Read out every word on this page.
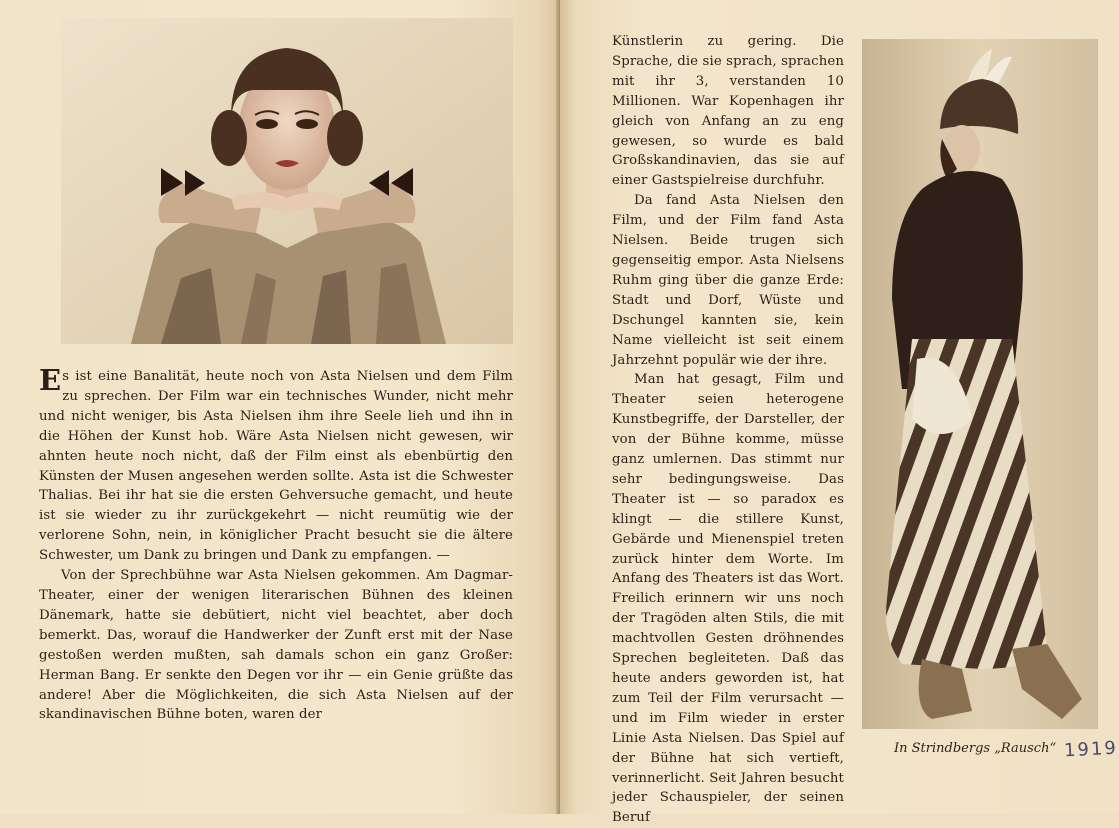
Es ist eine Banalität, heute noch von Asta Nielsen und dem Film zu sprechen. Der Film war ein technisches Wunder, nicht mehr und nicht weniger, bis Asta Nielsen ihm ihre Seele lieh und ihn in die Höhen der Kunst hob. Wäre Asta Nielsen nicht gewesen, wir ahnten heute noch nicht, daß der Film einst als ebenbürtig den Künsten der Musen angesehen werden sollte. Asta ist die Schwester Thalias. Bei ihr hat sie die ersten Gehversuche gemacht, und heute ist sie wieder zu ihr zurückgekehrt — nicht reumütig wie der verlorene Sohn, nein, in königlicher Pracht besucht sie die ältere Schwester, um Dank zu bringen und Dank zu empfangen. —

Von der Sprechbühne war Asta Nielsen gekommen. Am Dagmar-Theater, einer der wenigen literarischen Bühnen des kleinen Dänemark, hatte sie debütiert, nicht viel beachtet, aber doch bemerkt. Das, worauf die Handwerker der Zunft erst mit der Nase gestoßen werden mußten, sah damals schon ein ganz Großer: Herman Bang. Er senkte den Degen vor ihr — ein Genie grüßte das andere! Aber die Möglichkeiten, die sich Asta Nielsen auf der skandinavischen Bühne boten, waren der

Künstlerin zu gering. Die Sprache, die sie sprach, sprachen mit ihr 3, verstanden 10 Millionen. War Kopenhagen ihr gleich von Anfang an zu eng gewesen, so wurde es bald Großskandinavien, das sie auf einer Gastspielreise durchfuhr.

Da fand Asta Nielsen den Film, und der Film fand Asta Nielsen. Beide trugen sich gegenseitig empor. Asta Nielsens Ruhm ging über die ganze Erde: Stadt und Dorf, Wüste und Dschungel kannten sie, kein Name vielleicht ist seit einem Jahrzehnt populär wie der ihre.

Man hat gesagt, Film und Theater seien heterogene Kunstbegriffe, der Darsteller, der von der Bühne komme, müsse ganz umlernen. Das stimmt nur sehr bedingungsweise. Das Theater ist — so paradox es klingt — die stillere Kunst, Gebärde und Mienenspiel treten zurück hinter dem Worte. Im Anfang des Theaters ist das Wort. Freilich erinnern wir uns noch der Tragöden alten Stils, die mit machtvollen Gesten dröhnendes Sprechen begleiteten. Daß das heute anders geworden ist, hat zum Teil der Film verursacht — und im Film wieder in erster Linie Asta Nielsen. Das Spiel auf der Bühne hat sich vertieft, verinnerlicht. Seit Jahren besucht jeder Schauspieler, der seinen Beruf

In Strindbergs „Rausch“ 1919
